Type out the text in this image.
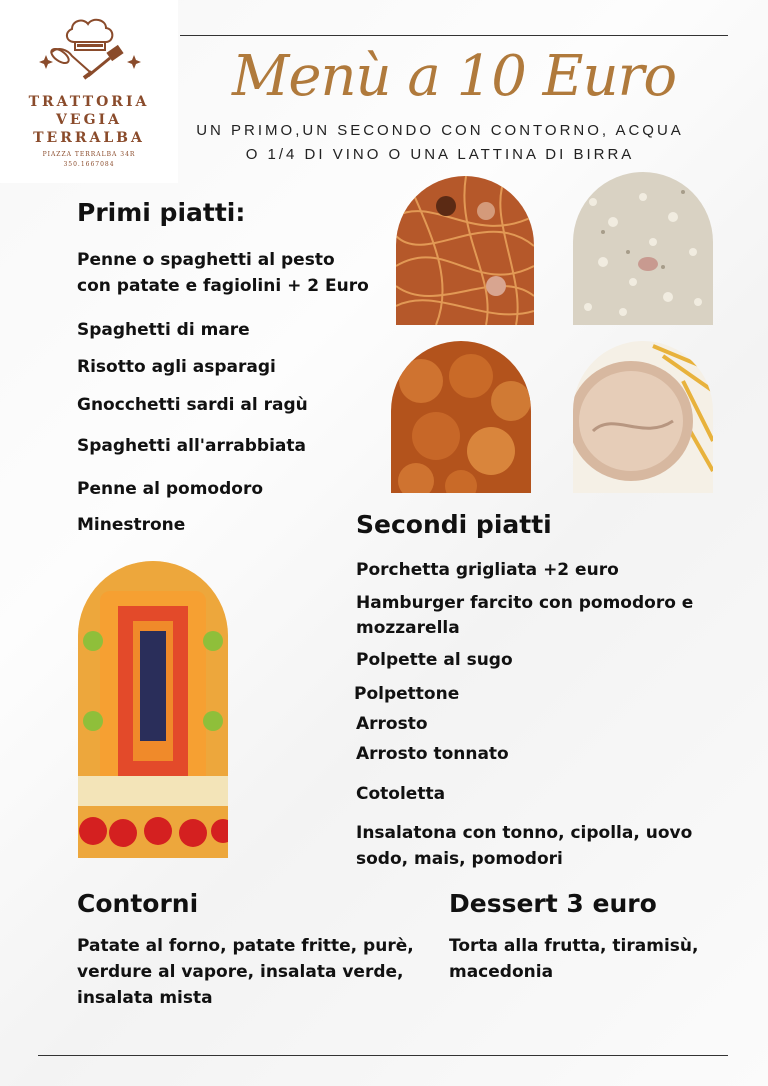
TRATTORIA
VEGIA
TERRALBA
PIAZZA TERRALBA 34R
350.1667084
Menù a 10 Euro
UN PRIMO,UN SECONDO CON CONTORNO, ACQUA
O 1/4 DI VINO O UNA LATTINA DI BIRRA
Primi piatti:
Penne o spaghetti al pesto
con patate e fagiolini + 2 Euro
Spaghetti di mare
Risotto agli asparagi
Gnocchetti sardi al ragù
Spaghetti all'arrabbiata
Penne al pomodoro
Minestrone	Secondi piatti
Porchetta grigliata +2 euro
Hamburger farcito con pomodoro e
mozzarella
Polpette al sugo
Polpettone
Arrosto
Arrosto tonnato
Cotoletta
Insalatona con tonno, cipolla, uovo
sodo, mais, pomodori
Contorni
Patate al forno, patate fritte, purè,
verdure al vapore, insalata verde,
insalata mista
Dessert 3 euro
Torta alla frutta, tiramisù,
macedonia
